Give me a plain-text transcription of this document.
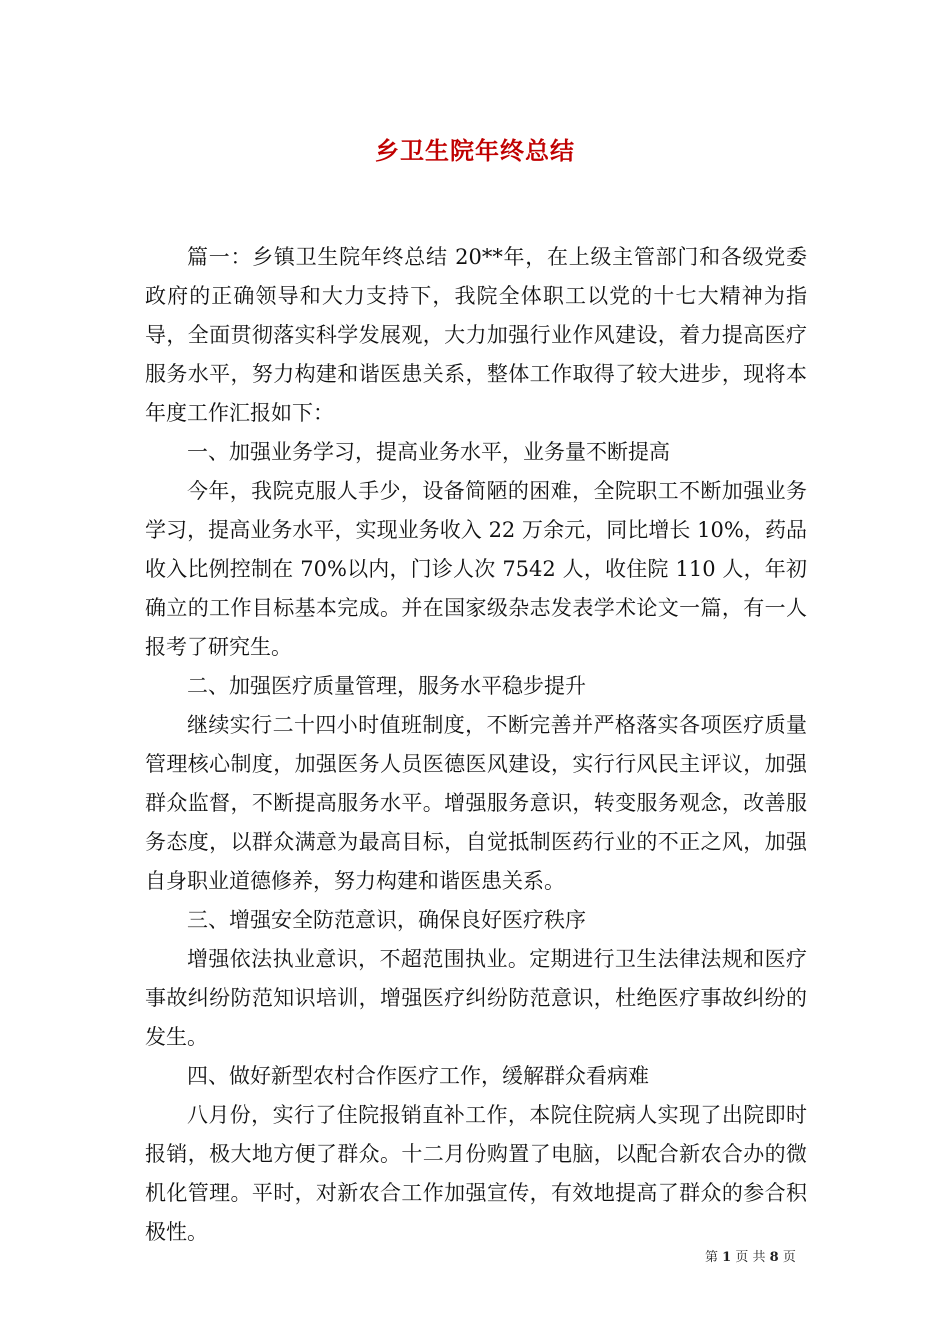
乡卫生院年终总结

篇一：乡镇卫生院年终总结 20**年，在上级主管部门和各级党委政府的正确领导和大力支持下，我院全体职工以党的十七大精神为指导，全面贯彻落实科学发展观，大力加强行业作风建设，着力提高医疗服务水平，努力构建和谐医患关系，整体工作取得了较大进步，现将本年度工作汇报如下：

一、加强业务学习，提高业务水平，业务量不断提高

今年，我院克服人手少，设备简陋的困难，全院职工不断加强业务学习，提高业务水平，实现业务收入 22 万余元，同比增长 10%，药品收入比例控制在 70%以内，门诊人次 7542 人，收住院 110 人，年初确立的工作目标基本完成。并在国家级杂志发表学术论文一篇，有一人报考了研究生。

二、加强医疗质量管理，服务水平稳步提升

继续实行二十四小时值班制度，不断完善并严格落实各项医疗质量管理核心制度，加强医务人员医德医风建设，实行行风民主评议，加强群众监督，不断提高服务水平。增强服务意识，转变服务观念，改善服务态度，以群众满意为最高目标，自觉抵制医药行业的不正之风，加强自身职业道德修养，努力构建和谐医患关系。

三、增强安全防范意识，确保良好医疗秩序

增强依法执业意识，不超范围执业。定期进行卫生法律法规和医疗事故纠纷防范知识培训，增强医疗纠纷防范意识，杜绝医疗事故纠纷的发生。

四、做好新型农村合作医疗工作，缓解群众看病难

八月份，实行了住院报销直补工作，本院住院病人实现了出院即时报销，极大地方便了群众。十二月份购置了电脑，以配合新农合办的微机化管理。平时，对新农合工作加强宣传，有效地提高了群众的参合积极性。

第 1 页 共 8 页
